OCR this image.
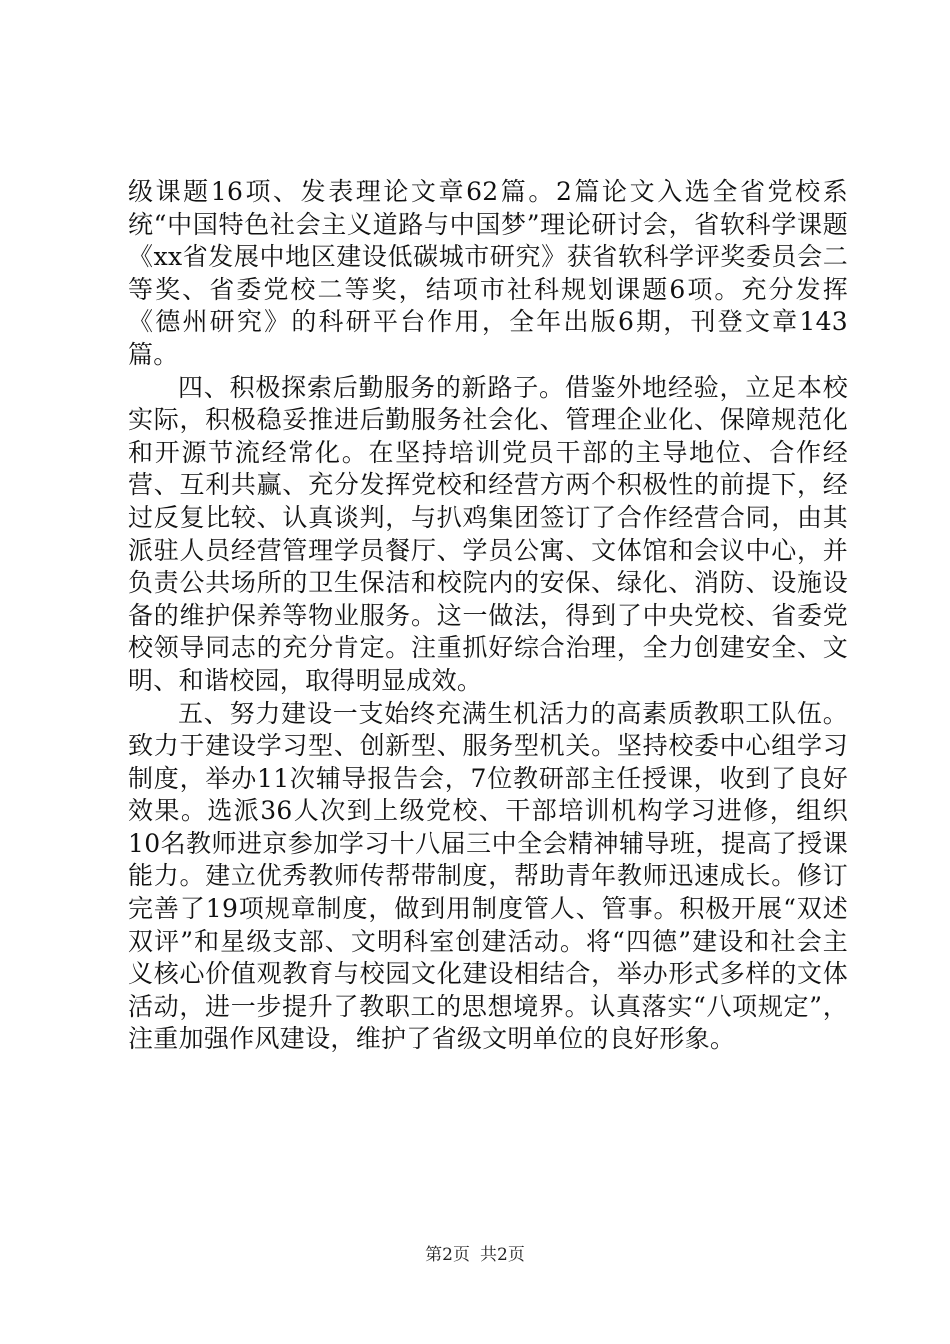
级课题16项、发表理论文章62篇。2篇论文入选全省党校系统“中国特色社会主义道路与中国梦”理论研讨会，省软科学课题《xx省发展中地区建设低碳城市研究》获省软科学评奖委员会二等奖、省委党校二等奖，结项市社科规划课题6项。充分发挥《德州研究》的科研平台作用，全年出版6期，刊登文章143篇。

四、积极探索后勤服务的新路子。借鉴外地经验，立足本校实际，积极稳妥推进后勤服务社会化、管理企业化、保障规范化和开源节流经常化。在坚持培训党员干部的主导地位、合作经营、互利共赢、充分发挥党校和经营方两个积极性的前提下，经过反复比较、认真谈判，与扒鸡集团签订了合作经营合同，由其派驻人员经营管理学员餐厅、学员公寓、文体馆和会议中心，并负责公共场所的卫生保洁和校院内的安保、绿化、消防、设施设备的维护保养等物业服务。这一做法，得到了中央党校、省委党校领导同志的充分肯定。注重抓好综合治理，全力创建安全、文明、和谐校园，取得明显成效。

五、努力建设一支始终充满生机活力的高素质教职工队伍。致力于建设学习型、创新型、服务型机关。坚持校委中心组学习制度，举办11次辅导报告会，7位教研部主任授课，收到了良好效果。选派36人次到上级党校、干部培训机构学习进修，组织10名教师进京参加学习十八届三中全会精神辅导班，提高了授课能力。建立优秀教师传帮带制度，帮助青年教师迅速成长。修订完善了19项规章制度，做到用制度管人、管事。积极开展“双述双评”和星级支部、文明科室创建活动。将“四德”建设和社会主义核心价值观教育与校园文化建设相结合，举办形式多样的文体活动，进一步提升了教职工的思想境界。认真落实“八项规定”，注重加强作风建设，维护了省级文明单位的良好形象。

第2页 共2页
